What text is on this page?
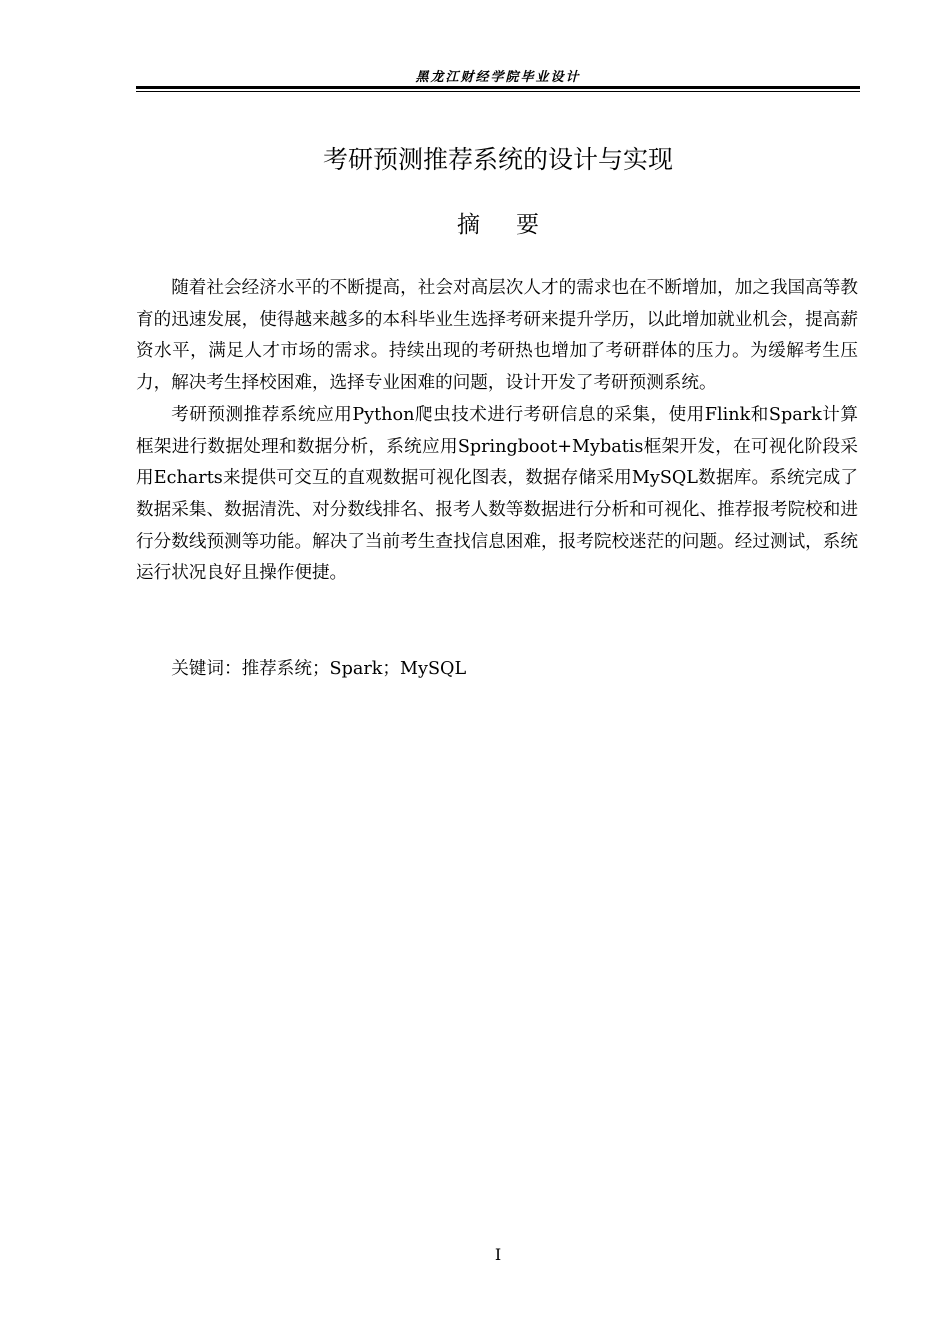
黑龙江财经学院毕业设计
考研预测推荐系统的设计与实现
摘要

随着社会经济水平的不断提高，社会对高层次人才的需求也在不断增加，加之我国高等教育的迅速发展，使得越来越多的本科毕业生选择考研来提升学历，以此增加就业机会，提高薪资水平，满足人才市场的需求。持续出现的考研热也增加了考研群体的压力。为缓解考生压力，解决考生择校困难，选择专业困难的问题，设计开发了考研预测系统。

考研预测推荐系统应用Python爬虫技术进行考研信息的采集，使用Flink和Spark计算框架进行数据处理和数据分析，系统应用Springboot+Mybatis框架开发，在可视化阶段采用Echarts来提供可交互的直观数据可视化图表，数据存储采用MySQL数据库。系统完成了数据采集、数据清洗、对分数线排名、报考人数等数据进行分析和可视化、推荐报考院校和进行分数线预测等功能。解决了当前考生查找信息困难，报考院校迷茫的问题。经过测试，系统运行状况良好且操作便捷。

关键词：推荐系统；Spark；MySQL
I
